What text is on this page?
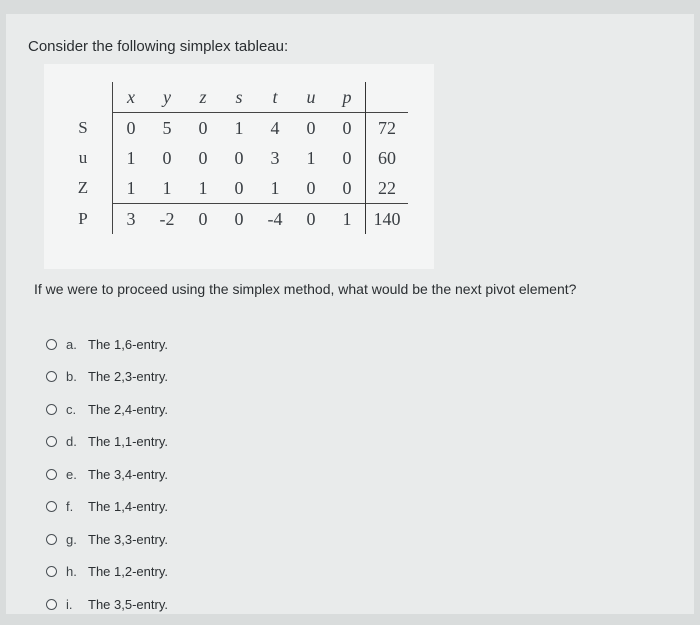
Consider the following simplex tableau:
	x	y	z	s	t	u	p	
S	0	5	0	1	4	0	0	72
u	1	0	0	0	3	1	0	60
Z	1	1	1	0	1	0	0	22
P	3	-2	0	0	-4	0	1	140
If we were to proceed using the simplex method, what would be the next pivot element?
a. The 1,6-entry.
b. The 2,3-entry.
c. The 2,4-entry.
d. The 1,1-entry.
e. The 3,4-entry.
f.	The 1,4-entry.
g. The 3,3-entry.
h. The 1,2-entry.
i.	The 3,5-entry.
